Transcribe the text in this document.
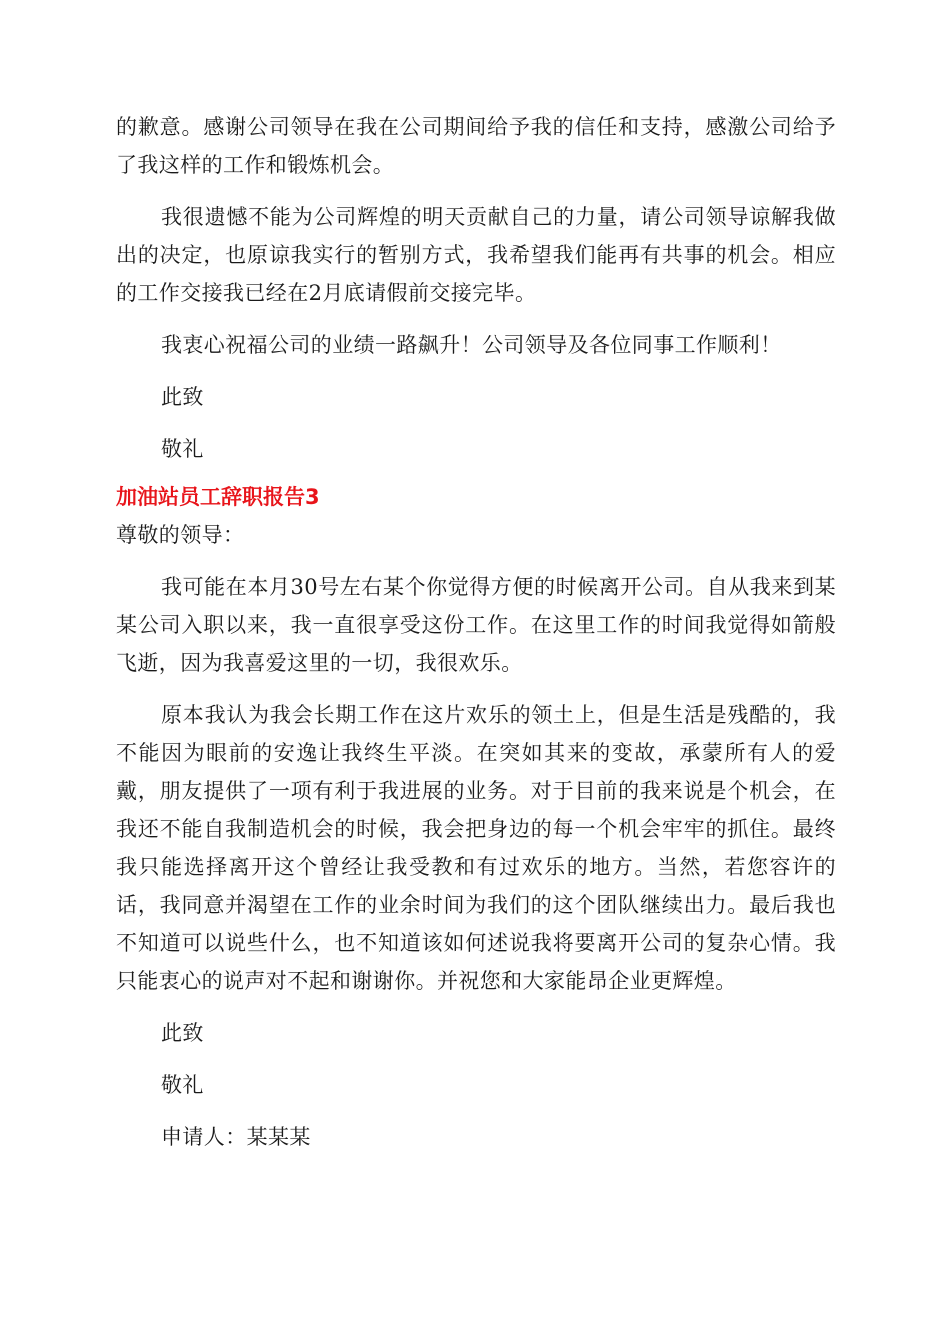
的歉意。感谢公司领导在我在公司期间给予我的信任和支持，感激公司给予了我这样的工作和锻炼机会。

我很遗憾不能为公司辉煌的明天贡献自己的力量，请公司领导谅解我做出的决定，也原谅我实行的暂别方式，我希望我们能再有共事的机会。相应的工作交接我已经在2月底请假前交接完毕。

我衷心祝福公司的业绩一路飙升！公司领导及各位同事工作顺利！

此致

敬礼

加油站员工辞职报告3

尊敬的领导：

我可能在本月30号左右某个你觉得方便的时候离开公司。自从我来到某某公司入职以来，我一直很享受这份工作。在这里工作的时间我觉得如箭般飞逝，因为我喜爱这里的一切，我很欢乐。

原本我认为我会长期工作在这片欢乐的领土上，但是生活是残酷的，我不能因为眼前的安逸让我终生平淡。在突如其来的变故，承蒙所有人的爱戴，朋友提供了一项有利于我进展的业务。对于目前的我来说是个机会，在我还不能自我制造机会的时候，我会把身边的每一个机会牢牢的抓住。最终我只能选择离开这个曾经让我受教和有过欢乐的地方。当然，若您容许的话，我同意并渴望在工作的业余时间为我们的这个团队继续出力。最后我也不知道可以说些什么，也不知道该如何述说我将要离开公司的复杂心情。我只能衷心的说声对不起和谢谢你。并祝您和大家能昂企业更辉煌。

此致

敬礼

申请人：某某某
